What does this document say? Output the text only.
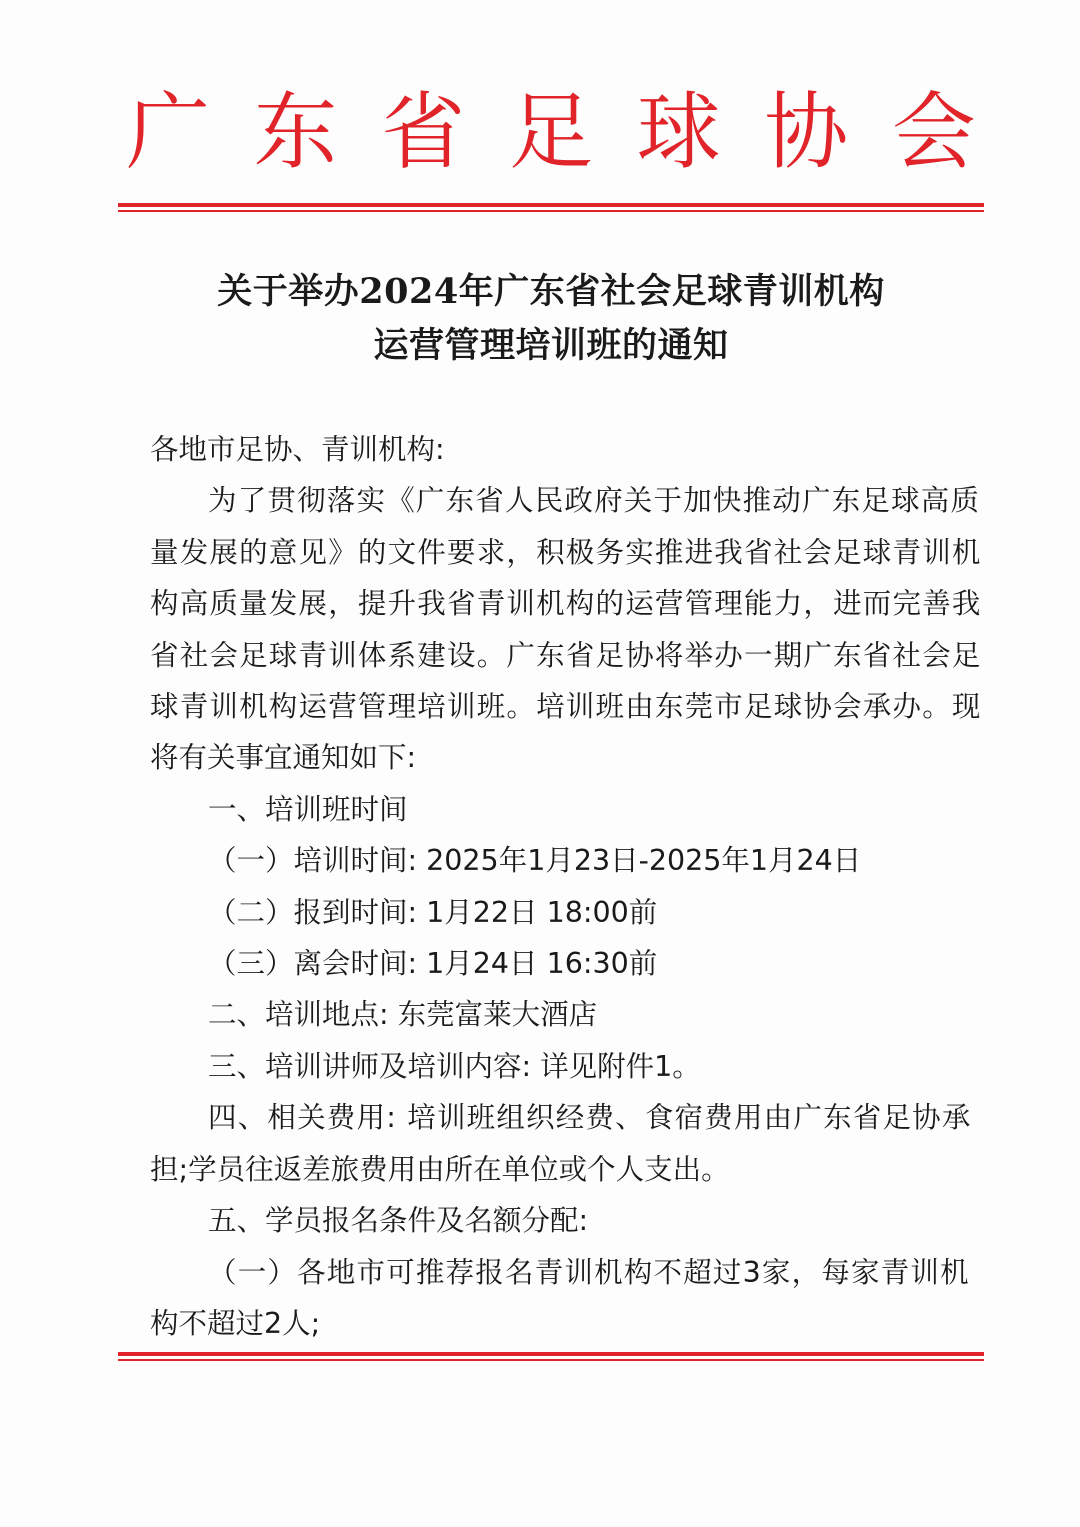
广 东 省 足 球 协 会
关于举办2024年广东省社会足球青训机构
运营管理培训班的通知

各地市足协、青训机构:

为了贯彻落实《广东省人民政府关于加快推动广东足球高质

量发展的意见》的文件要求，积极务实推进我省社会足球青训机

构高质量发展，提升我省青训机构的运营管理能力，进而完善我

省社会足球青训体系建设。广东省足协将举办一期广东省社会足

球青训机构运营管理培训班。培训班由东莞市足球协会承办。现

将有关事宜通知如下:

一、培训班时间

（一）培训时间: 2025年1月23日-2025年1月24日

（二）报到时间: 1月22日 18:00前

（三）离会时间: 1月24日 16:30前

二、培训地点: 东莞富莱大酒店

三、培训讲师及培训内容: 详见附件1。

四、相关费用: 培训班组织经费、食宿费用由广东省足协承

担;学员往返差旅费用由所在单位或个人支出。

五、学员报名条件及名额分配:

（一）各地市可推荐报名青训机构不超过3家，每家青训机

构不超过2人;
